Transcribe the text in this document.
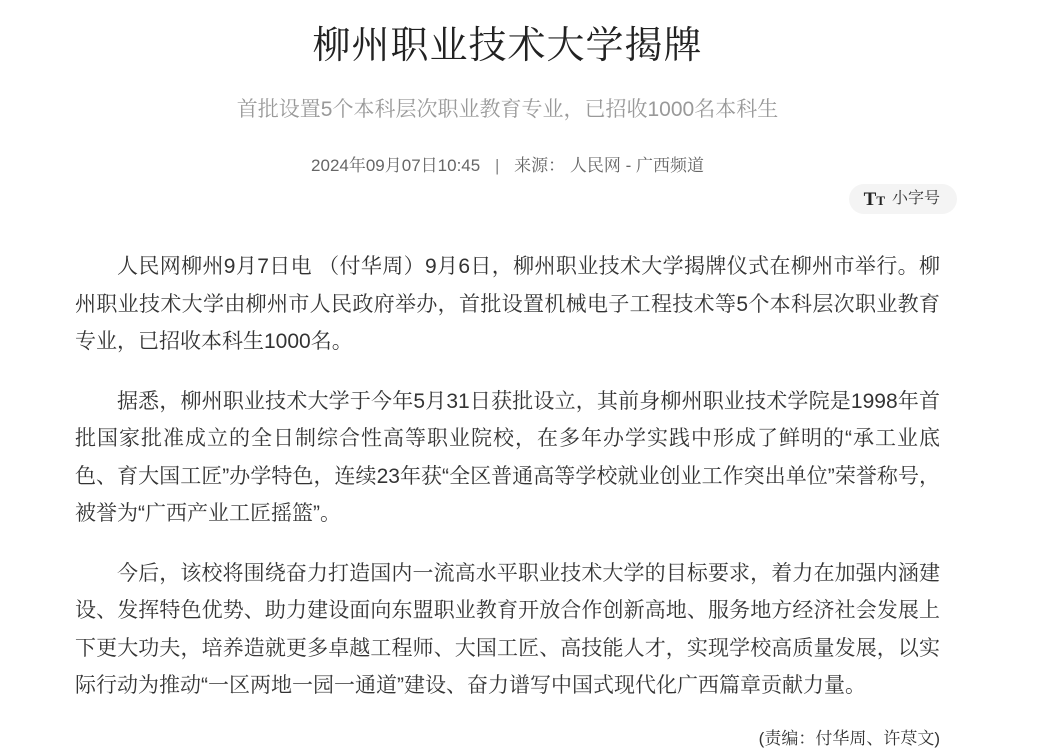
柳州职业技术大学揭牌

首批设置5个本科层次职业教育专业，已招收1000名本科生

2024年09月07日10:45 | 来源： 人民网 - 广西频道
T T 小字号

人民网柳州9月7日电 （付华周）9月6日，柳州职业技术大学揭牌仪式在柳州市举行。柳州职业技术大学由柳州市人民政府举办，首批设置机械电子工程技术等5个本科层次职业教育专业，已招收本科生1000名。

据悉，柳州职业技术大学于今年5月31日获批设立，其前身柳州职业技术学院是1998年首批国家批准成立的全日制综合性高等职业院校，在多年办学实践中形成了鲜明的“承工业底色、育大国工匠”办学特色，连续23年获“全区普通高等学校就业创业工作突出单位”荣誉称号，被誉为“广西产业工匠摇篮”。

今后，该校将围绕奋力打造国内一流高水平职业技术大学的目标要求，着力在加强内涵建设、发挥特色优势、助力建设面向东盟职业教育开放合作创新高地、服务地方经济社会发展上下更大功夫，培养造就更多卓越工程师、大国工匠、高技能人才，实现学校高质量发展，以实际行动为推动“一区两地一园一通道”建设、奋力谱写中国式现代化广西篇章贡献力量。

(责编：付华周、许荩文)
